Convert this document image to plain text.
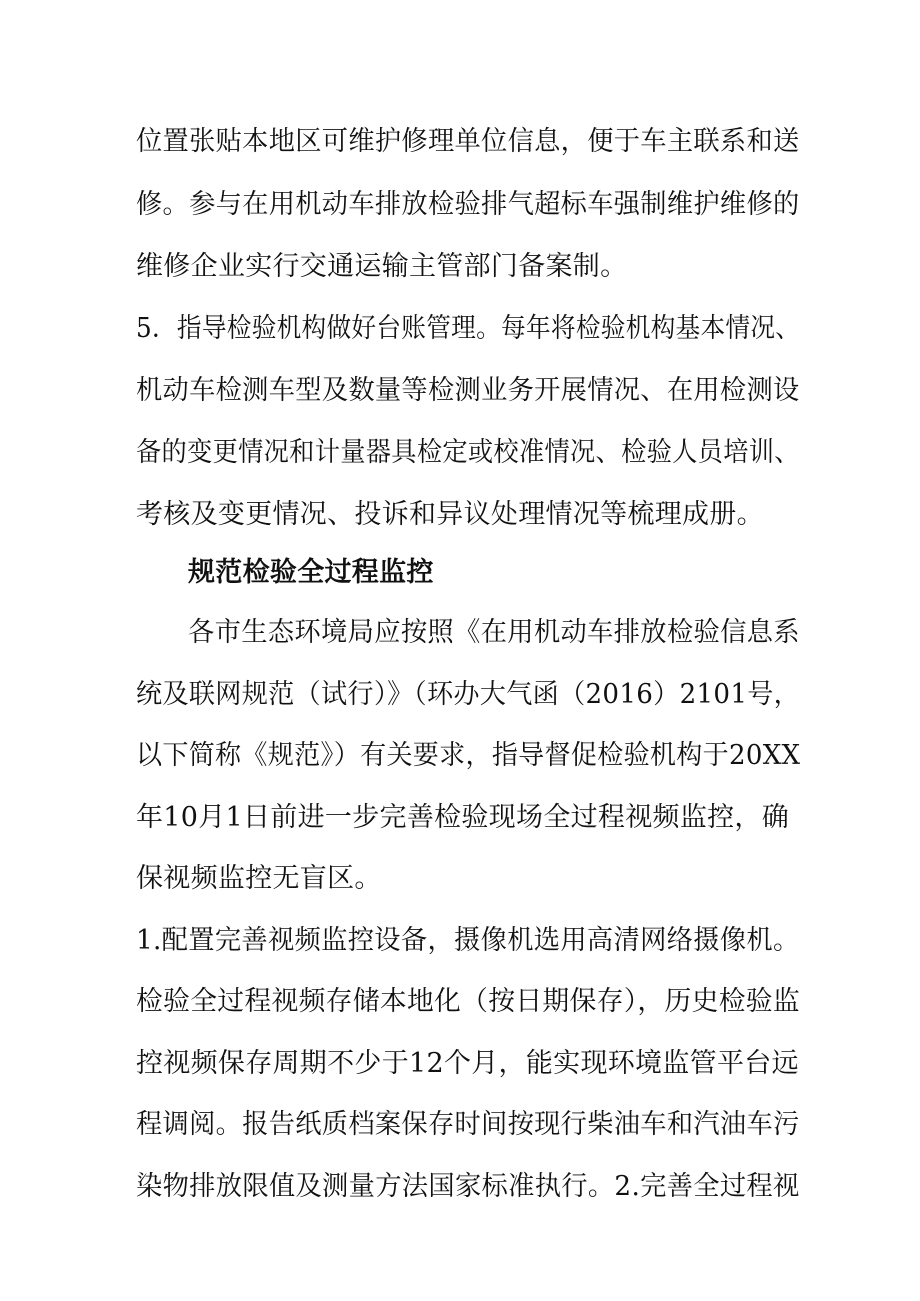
位置张贴本地区可维护修理单位信息，便于车主联系和送
修。参与在用机动车排放检验排气超标车强制维护维修的
维修企业实行交通运输主管部门备案制。
5．指导检验机构做好台账管理。每年将检验机构基本情况、
机动车检测车型及数量等检测业务开展情况、在用检测设
备的变更情况和计量器具检定或校准情况、检验人员培训、
考核及变更情况、投诉和异议处理情况等梳理成册。
规范检验全过程监控
各市生态环境局应按照《在用机动车排放检验信息系
统及联网规范（试行）》（环办大气函（2016）2101号，
以下简称《规范》）有关要求，指导督促检验机构于20XX
年10月1日前进一步完善检验现场全过程视频监控，确
保视频监控无盲区。
1.配置完善视频监控设备，摄像机选用高清网络摄像机。
检验全过程视频存储本地化（按日期保存），历史检验监
控视频保存周期不少于12个月，能实现环境监管平台远
程调阅。报告纸质档案保存时间按现行柴油车和汽油车污
染物排放限值及测量方法国家标准执行。2.完善全过程视
